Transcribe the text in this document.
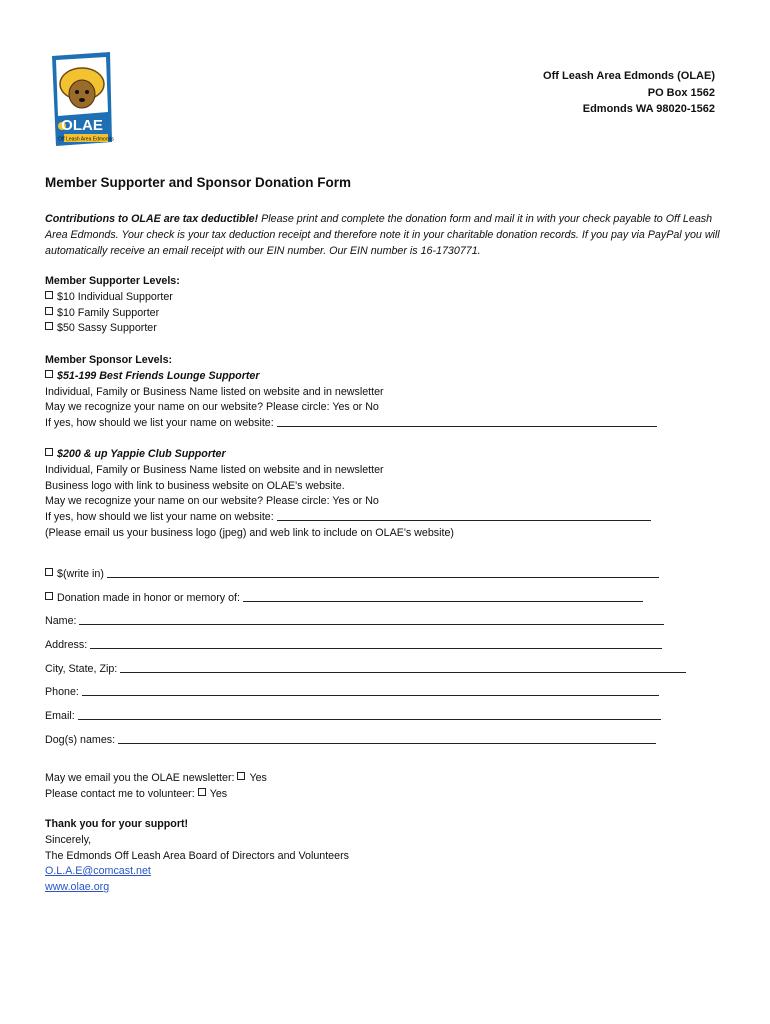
OLAE
Off Leash Area Edmonds
Off Leash Area Edmonds (OLAE)
PO Box 1562
Edmonds WA 98020-1562
Member Supporter and Sponsor Donation Form
Contributions to OLAE are tax deductible! Please print and complete the donation form and mail it in with your check payable to Off Leash Area Edmonds. Your check is your tax deduction receipt and therefore note it in your charitable donation records. If you pay via PayPal you will automatically receive an email receipt with our EIN number. Our EIN number is 16-1730771.
Member Supporter Levels:
$10 Individual Supporter
$10 Family Supporter
$50 Sassy Supporter
Member Sponsor Levels:
$51-199 Best Friends Lounge Supporter
Individual, Family or Business Name listed on website and in newsletter
May we recognize your name on our website? Please circle: Yes or No
If yes, how should we list your name on website:
$200 & up Yappie Club Supporter
Individual, Family or Business Name listed on website and in newsletter
Business logo with link to business website on OLAE's website.
May we recognize your name on our website? Please circle: Yes or No
If yes, how should we list your name on website:
(Please email us your business logo (jpeg) and web link to include on OLAE's website)
$(write in)
Donation made in honor or memory of:
Name:
Address:
City, State, Zip:
Phone:
Email:
Dog(s) names:
May we email you the OLAE newsletter: Yes
Please contact me to volunteer: Yes
Thank you for your support!
Sincerely,
The Edmonds Off Leash Area Board of Directors and Volunteers
O.L.A.E@comcast.net
www.olae.org
